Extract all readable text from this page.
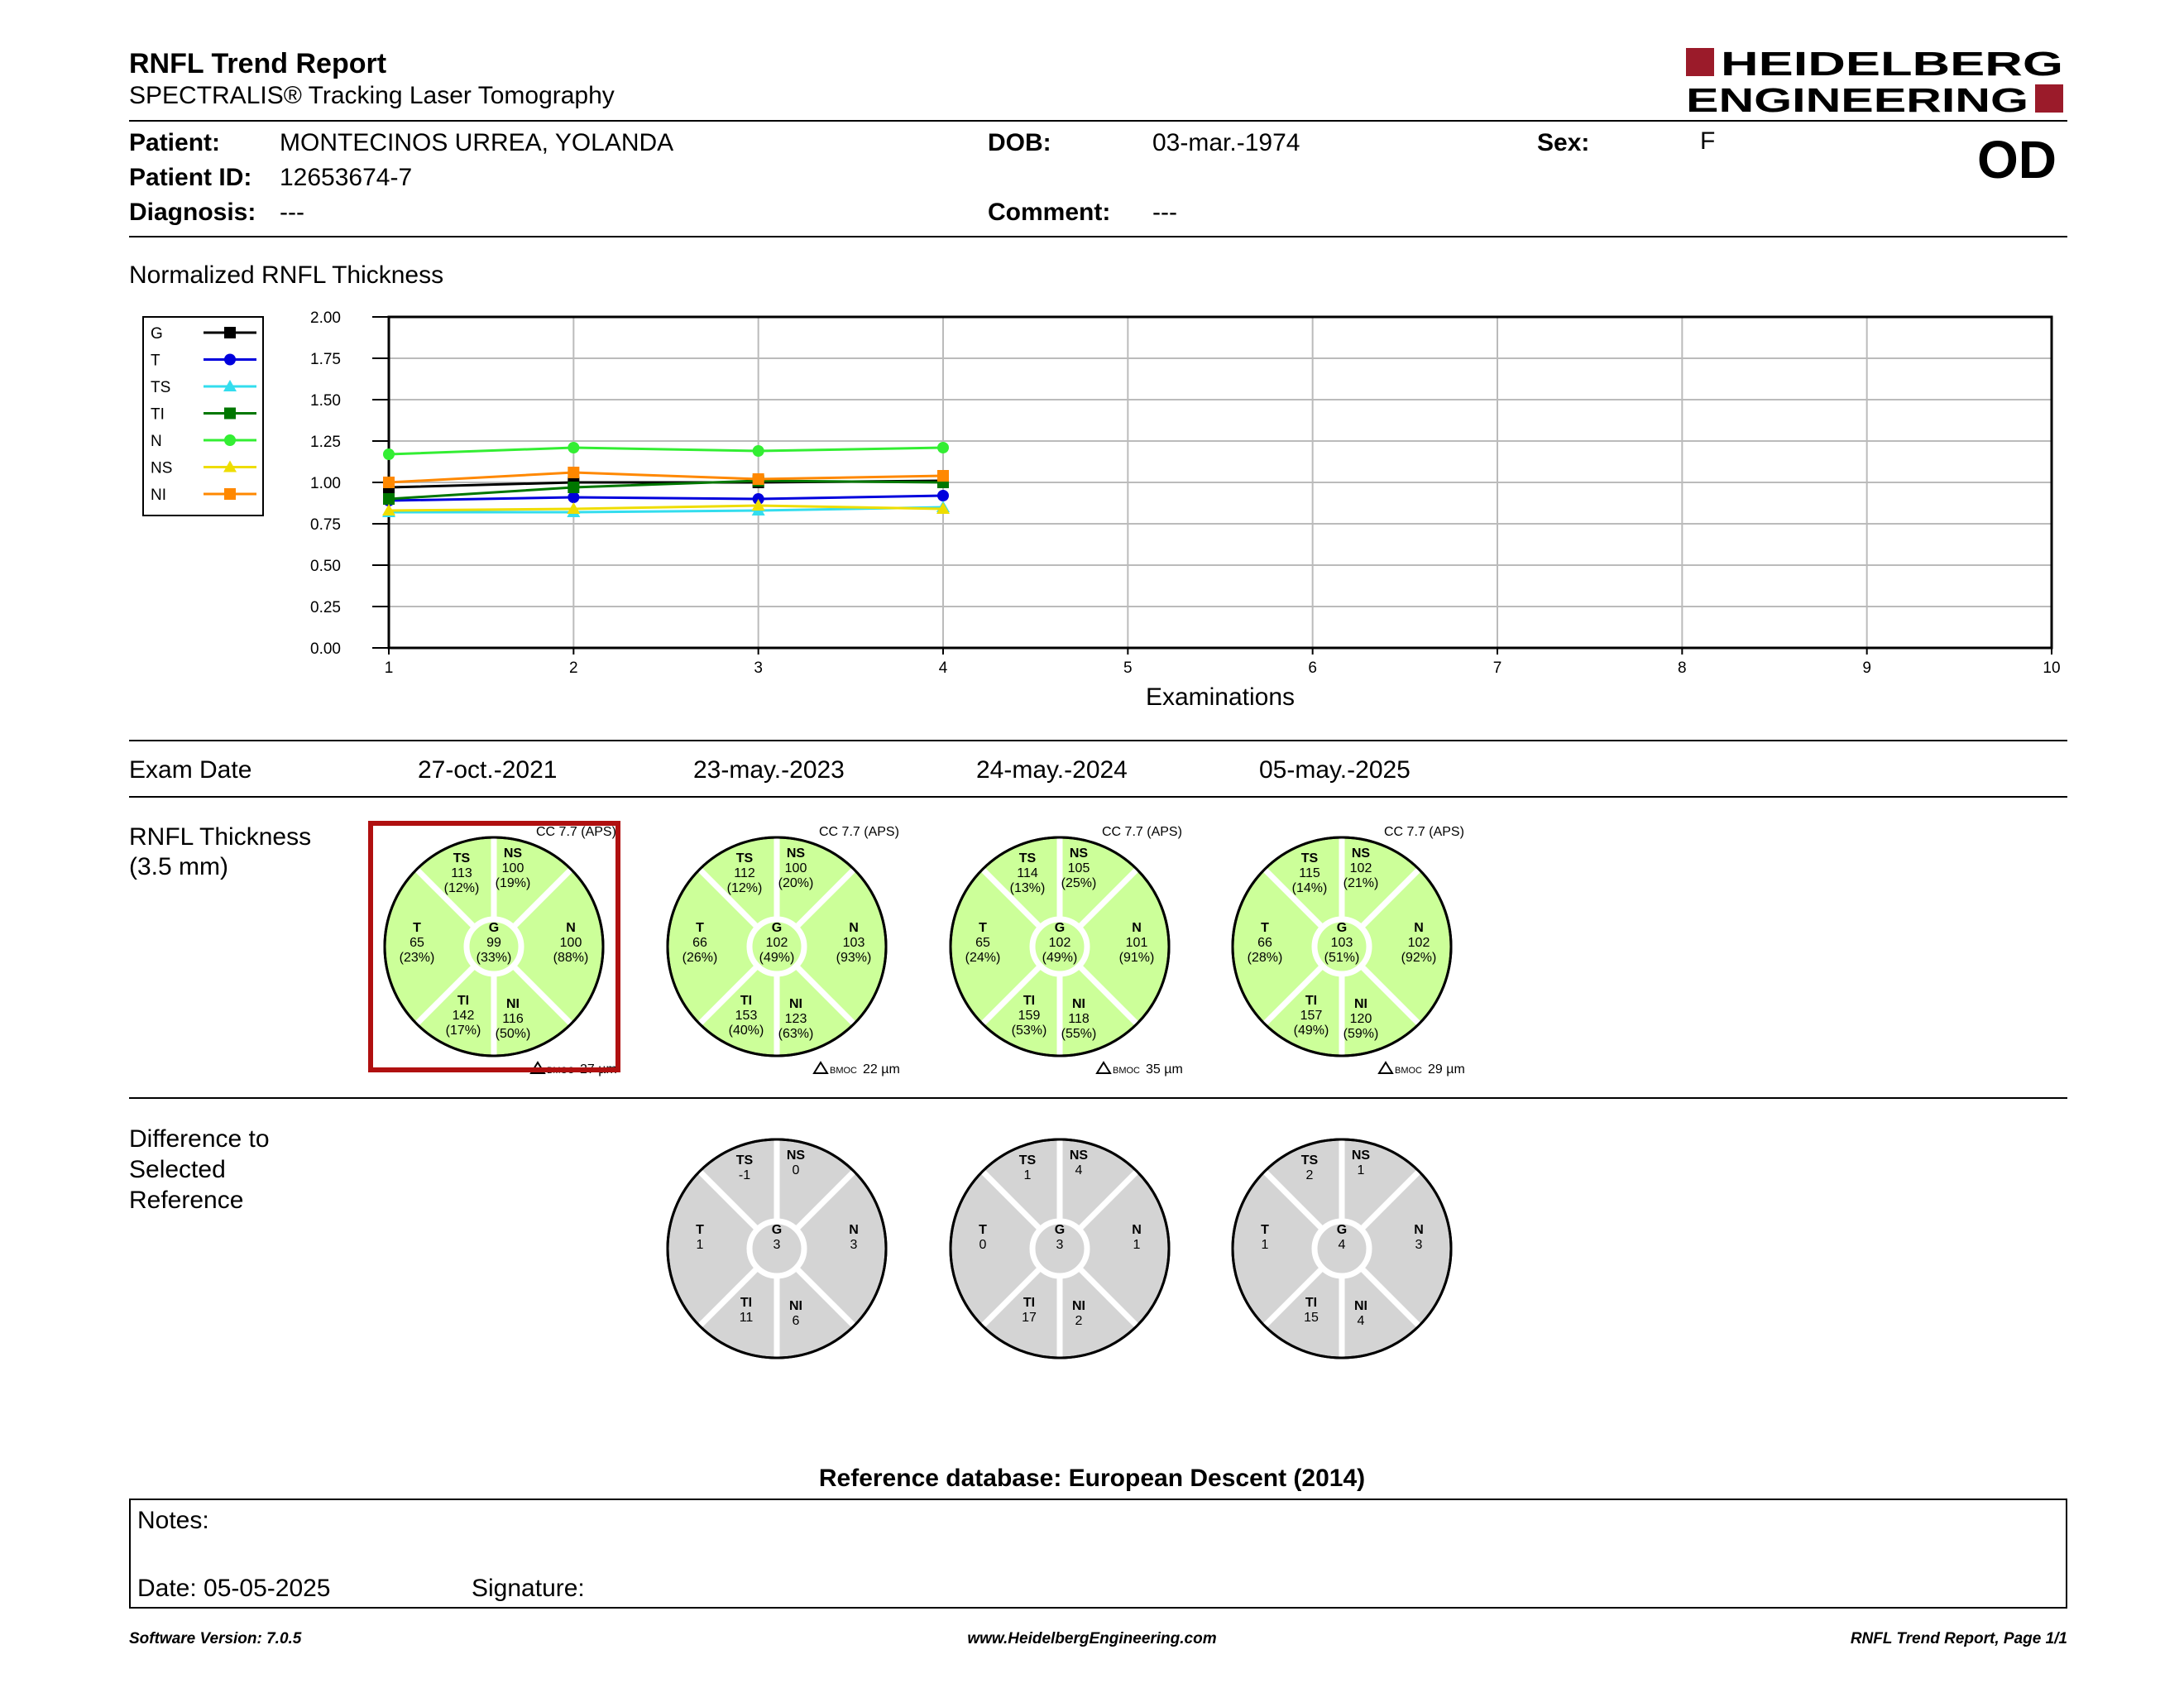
RNFL Trend Report
SPECTRALIS® Tracking Laser Tomography
HEIDELBERG
ENGINEERING
Patient: MONTECINOS URREA, YOLANDA
Patient ID: 12653674-7
Diagnosis: ---
DOB:	03-mar.-1974
Comment: ---
Sex:	F	OD
Normalized RNFL Thickness
0.00
0.25
0.50
0.75
1.00
1.25
1.50
1.75
2.00
1	2	3	4	5	6	7	8	9	10
Examinations
G
T
TS
TI
N
NS
NI
Exam Date	27-oct.-2021	23-may.-2023	24-may.-2024	05-may.-2025
RNFL Thickness
(3.5 mm)	TS
113
(12%)
NS
100
(19%)
T
65
(23%)
G
99
(33%)
N
100
(88%)
TI
142
(17%)
NI
116
(50%)
CC 7.7 (APS)
BMOC 27 µm
TS
112
(12%)
NS
100
(20%)
T
66
(26%)
G
102
(49%)
N
103
(93%)
TI
153
(40%)
NI
123
(63%)
CC 7.7 (APS)
BMOC 22 µm
TS
114
(13%)
NS
105
(25%)
T
65
(24%)
G
102
(49%)
N
101
(91%)
TI
159
(53%)
NI
118
(55%)
CC 7.7 (APS)
BMOC 35 µm
TS
115
(14%)
NS
102
(21%)
T
66
(28%)
G
103
(51%)
N
102
(92%)
TI
157
(49%)
NI
120
(59%)
CC 7.7 (APS)
BMOC 29 µm
Difference to
Selected
Reference
TS
-1
NS
0
T
1
G
3
N
3
TI
11
NI
6
TS
1
NS
4
T
0
G
3
N
1
TI
17
NI
2
TS
2
NS
1
T
1
G
4
N
3
TI
15
NI
4
Reference database: European Descent (2014)
Notes:
Date: 05-05-2025	Signature:
Software Version: 7.0.5	www.HeidelbergEngineering.com	RNFL Trend Report, Page 1/1
